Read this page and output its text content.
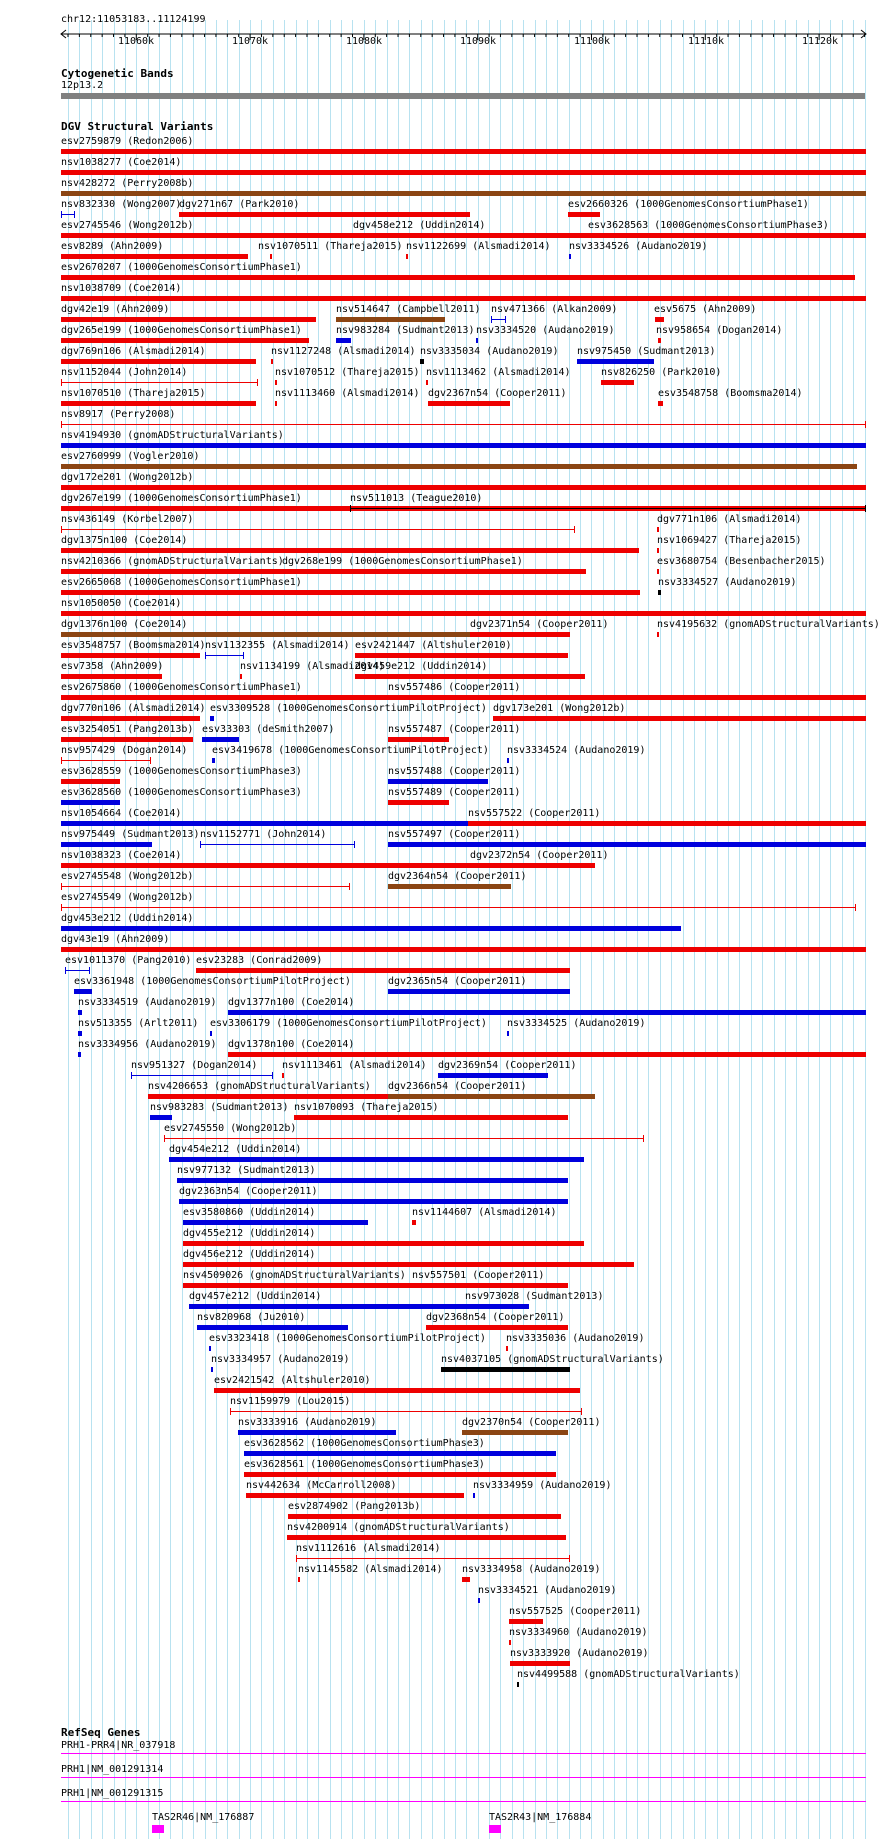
chr12:11053183..11124199
11060k	11070k	11080k	11090k	11100k	11110k	11120k
Cytogenetic Bands
12p13.2
DGV Structural Variants
RefSeq Genes
esv2759879 (Redon2006)
nsv1038277 (Coe2014)
nsv428272 (Perry2008b)
nsv832330 (Wong2007)
dgv271n67 (Park2010)	esv2660326 (1000GenomesConsortiumPhase1)
esv2745546 (Wong2012b)	dgv458e212 (Uddin2014)	esv3628563 (1000GenomesConsortiumPhase3)
esv8289 (Ahn2009)	nsv1070511 (Thareja2015) nsv1122699 (Alsmadi2014) nsv3334526 (Audano2019)
esv2670207 (1000GenomesConsortiumPhase1)
nsv1038709 (Coe2014)
dgv42e19 (Ahn2009)	nsv514647 (Campbell2011) nsv471366 (Alkan2009)	esv5675 (Ahn2009)
dgv265e199 (1000GenomesConsortiumPhase1)	nsv983284 (Sudmant2013) nsv3334520 (Audano2019)	nsv958654 (Dogan2014)
dgv769n106 (Alsmadi2014)	nsv1127248 (Alsmadi2014) nsv3335034 (Audano2019) nsv975450 (Sudmant2013)
nsv1152044 (John2014)	nsv1070512 (Thareja2015) nsv1113462 (Alsmadi2014)	nsv826250 (Park2010)
nsv1070510 (Thareja2015)	nsv1113460 (Alsmadi2014) dgv2367n54 (Cooper2011)	esv3548758 (Boomsma2014)
nsv8917 (Perry2008)
nsv4194930 (gnomADStructuralVariants)
esv2760999 (Vogler2010)
dgv172e201 (Wong2012b)
dgv267e199 (1000GenomesConsortiumPhase1)	nsv511013 (Teague2010)
nsv436149 (Korbel2007)	dgv771n106 (Alsmadi2014)
dgv1375n100 (Coe2014)	nsv1069427 (Thareja2015)
nsv4210366 (gnomADStructuralVariants)
dgv268e199 (1000GenomesConsortiumPhase1)	esv3680754 (Besenbacher2015)
esv2665068 (1000GenomesConsortiumPhase1)	nsv3334527 (Audano2019)
nsv1050050 (Coe2014)
dgv1376n100 (Coe2014)	dgv2371n54 (Cooper2011)	nsv4195632 (gnomADStructuralVariants)
esv3548757 (Boomsma2014) nsv1132355 (Alsmadi2014) esv2421447 (Altshuler2010)
esv7358 (Ahn2009)	nsv1134199 (Alsmadi2014)
dgv459e212 (Uddin2014)
esv2675860 (1000GenomesConsortiumPhase1)	nsv557486 (Cooper2011)
dgv770n106 (Alsmadi2014) esv3309528 (1000GenomesConsortiumPilotProject) dgv173e201 (Wong2012b)
esv3254051 (Pang2013b) esv33303 (deSmith2007)	nsv557487 (Cooper2011)
nsv957429 (Dogan2014) esv3419678 (1000GenomesConsortiumPilotProject) nsv3334524 (Audano2019)
esv3628559 (1000GenomesConsortiumPhase3)	nsv557488 (Cooper2011)
esv3628560 (1000GenomesConsortiumPhase3)	nsv557489 (Cooper2011)
nsv1054664 (Coe2014)	nsv557522 (Cooper2011)
nsv975449 (Sudmant2013) nsv1152771 (John2014)	nsv557497 (Cooper2011)
nsv1038323 (Coe2014)	dgv2372n54 (Cooper2011)
esv2745548 (Wong2012b)	dgv2364n54 (Cooper2011)
esv2745549 (Wong2012b)
dgv453e212 (Uddin2014)
dgv43e19 (Ahn2009)
esv1011370 (Pang2010) esv23283 (Conrad2009)
esv3361948 (1000GenomesConsortiumPilotProject)	dgv2365n54 (Cooper2011)
nsv3334519 (Audano2019) dgv1377n100 (Coe2014)
nsv513355 (Arlt2011) esv3306179 (1000GenomesConsortiumPilotProject) nsv3334525 (Audano2019)
nsv3334956 (Audano2019) dgv1378n100 (Coe2014)
nsv951327 (Dogan2014) nsv1113461 (Alsmadi2014) dgv2369n54 (Cooper2011)
nsv4206653 (gnomADStructuralVariants) dgv2366n54 (Cooper2011)
nsv983283 (Sudmant2013) nsv1070093 (Thareja2015)
esv2745550 (Wong2012b)
dgv454e212 (Uddin2014)
nsv977132 (Sudmant2013)
dgv2363n54 (Cooper2011)
esv3580860 (Uddin2014)	nsv1144607 (Alsmadi2014)
dgv455e212 (Uddin2014)
dgv456e212 (Uddin2014)
nsv4509026 (gnomADStructuralVariants) nsv557501 (Cooper2011)
dgv457e212 (Uddin2014)	nsv973028 (Sudmant2013)
nsv820968 (Ju2010)	dgv2368n54 (Cooper2011)
esv3323418 (1000GenomesConsortiumPilotProject) nsv3335036 (Audano2019)
nsv3334957 (Audano2019)	nsv4037105 (gnomADStructuralVariants)
esv2421542 (Altshuler2010)
nsv1159979 (Lou2015)
nsv3333916 (Audano2019)	dgv2370n54 (Cooper2011)
esv3628562 (1000GenomesConsortiumPhase3)
esv3628561 (1000GenomesConsortiumPhase3)
nsv442634 (McCarroll2008)	nsv3334959 (Audano2019)
esv2874902 (Pang2013b)
nsv4200914 (gnomADStructuralVariants)
nsv1112616 (Alsmadi2014)
nsv1145582 (Alsmadi2014) nsv3334958 (Audano2019)
nsv3334521 (Audano2019)
nsv557525 (Cooper2011)
nsv3334960 (Audano2019)
nsv3333920 (Audano2019)
nsv4499588 (gnomADStructuralVariants)
PRH1-PRR4|NR_037918
PRH1|NM_001291314
PRH1|NM_001291315
TAS2R46|NM_176887	TAS2R43|NM_176884
